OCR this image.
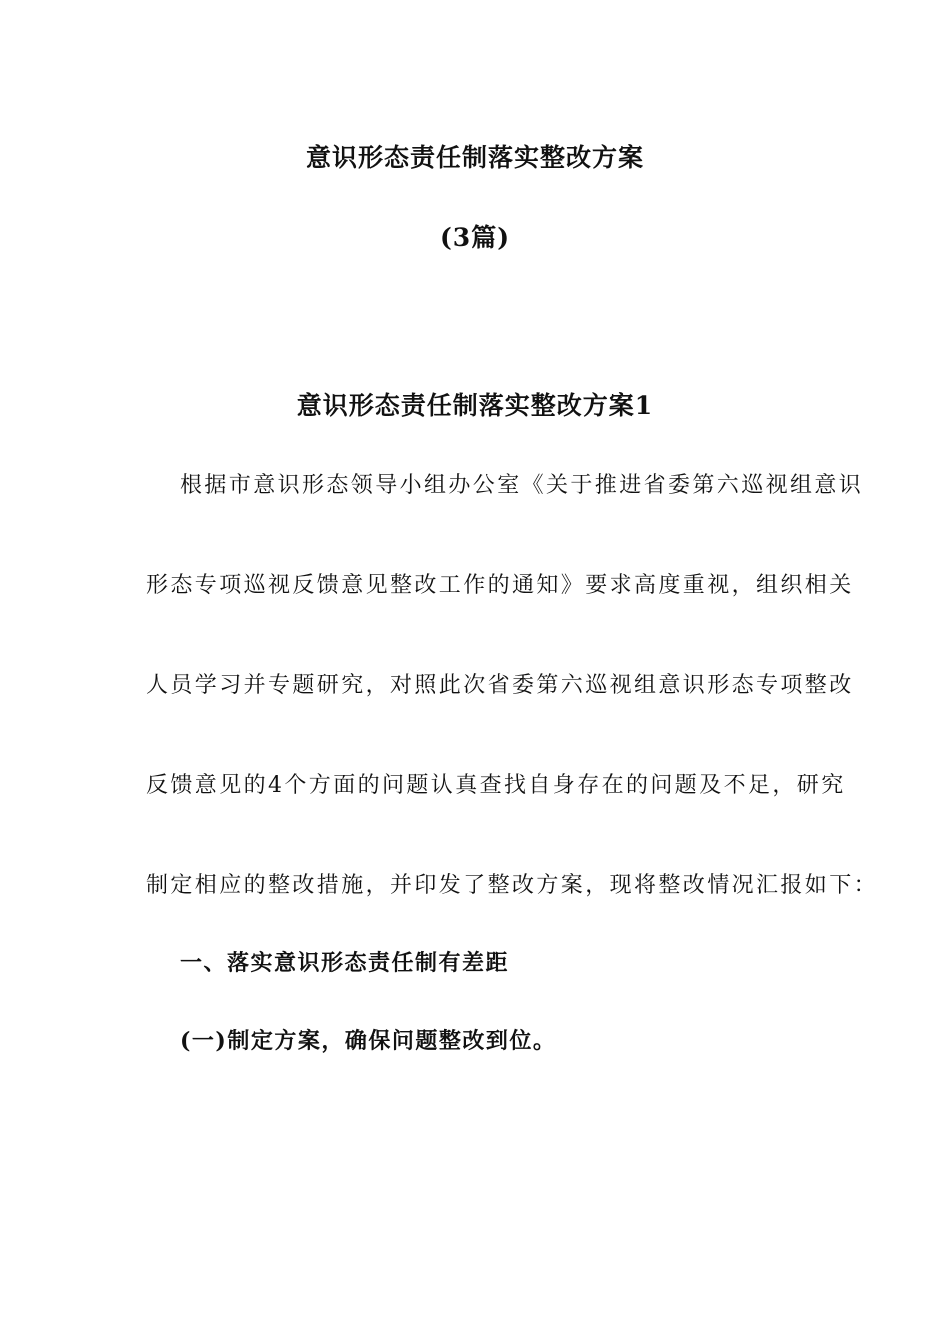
意识形态责任制落实整改方案
(3篇)
意识形态责任制落实整改方案1
根据市意识形态领导小组办公室《关于推进省委第六巡视组意识
形态专项巡视反馈意见整改工作的通知》要求高度重视，组织相关
人员学习并专题研究，对照此次省委第六巡视组意识形态专项整改
反馈意见的4个方面的问题认真查找自身存在的问题及不足，研究
制定相应的整改措施，并印发了整改方案，现将整改情况汇报如下：
一、落实意识形态责任制有差距
(一)制定方案，确保问题整改到位。
